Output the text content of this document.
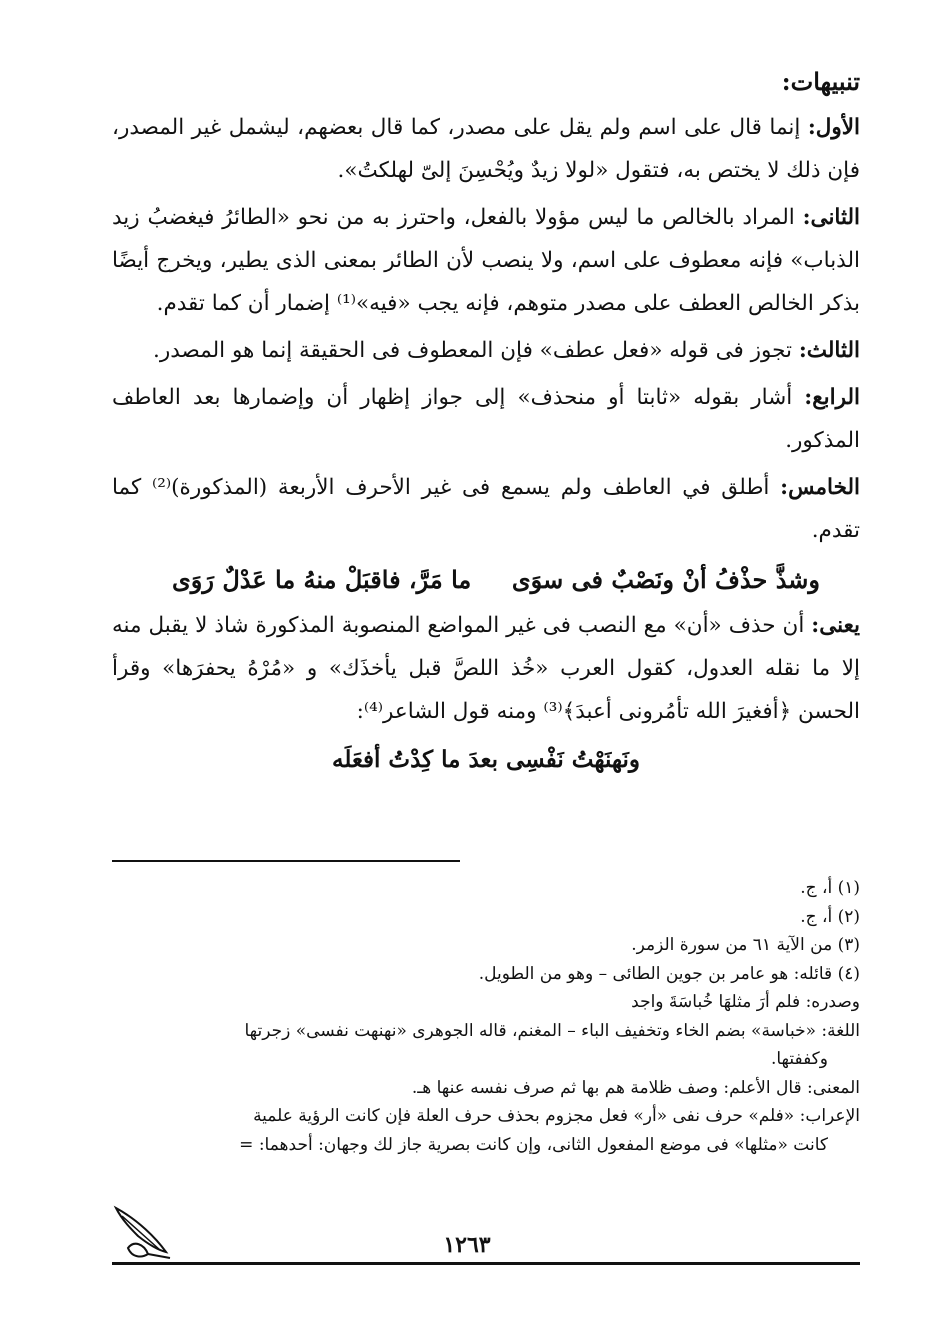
تنبيهات:

الأول: إنما قال على اسم ولم يقل على مصدر، كما قال بعضهم، ليشمل غير المصدر، فإن ذلك لا يختص به، فتقول «لولا زيدٌ ويُحْسِنَ إلىّ لهلكتُ».

الثانى: المراد بالخالص ما ليس مؤولا بالفعل، واحترز به من نحو «الطائرُ فيغضبُ زيد الذباب» فإنه معطوف على اسم، ولا ينصب لأن الطائر بمعنى الذى يطير، ويخرج أيضًا بذكر الخالص العطف على مصدر متوهم، فإنه يجب «فيه»⁽¹⁾ إضمار أن كما تقدم.

الثالث: تجوز فى قوله «فعل عطف» فإن المعطوف فى الحقيقة إنما هو المصدر.

الرابع: أشار بقوله «ثابتا أو منحذف» إلى جواز إظهار أن وإضمارها بعد العاطف المذكور.

الخامس: أطلق في العاطف ولم يسمع فى غير الأحرف الأربعة (المذكورة)⁽²⁾ كما تقدم.

وشذَّ حذْفُ أنْ ونَصْبٌ فى سوَى
ما مَرَّ، فاقبَلْ منهُ ما عَدْلٌ رَوَى

يعنى: أن حذف «أن» مع النصب فى غير المواضع المنصوبة المذكورة شاذ لا يقبل منه إلا ما نقله العدول، كقول العرب «خُذ اللصَّ قبل يأخذَك» و «مُرْهُ يحفرَها» وقرأ الحسن ﴿أفغيرَ الله تأمُرونى أعبدَ﴾⁽³⁾ ومنه قول الشاعر⁽⁴⁾:

ونَهنَهْتُ نَفْسِى بعدَ ما كِدْتُ أفعَلَه
(١) أ، ج.
(٢) أ، ج.
(٣) من الآية ٦١ من سورة الزمر.
(٤) قائله: هو عامر بن جوين الطائى – وهو من الطويل.
وصدره: فلم أرَ مثلهَا خُباسَةَ واجد
اللغة: «خباسة» بضم الخاء وتخفيف الباء – المغنم، قاله الجوهرى «نهنهت نفسى» زجرتها
وكففتها.
المعنى: قال الأعلم: وصف ظلامة هم بها ثم صرف نفسه عنها هـ.
الإعراب: «فلم» حرف نفى «أر» فعل مجزوم بحذف حرف العلة فإن كانت الرؤية علمية
كانت «مثلها» فى موضع المفعول الثانى، وإن كانت بصرية جاز لك وجهان: أحدهما: =
١٢٦٣
